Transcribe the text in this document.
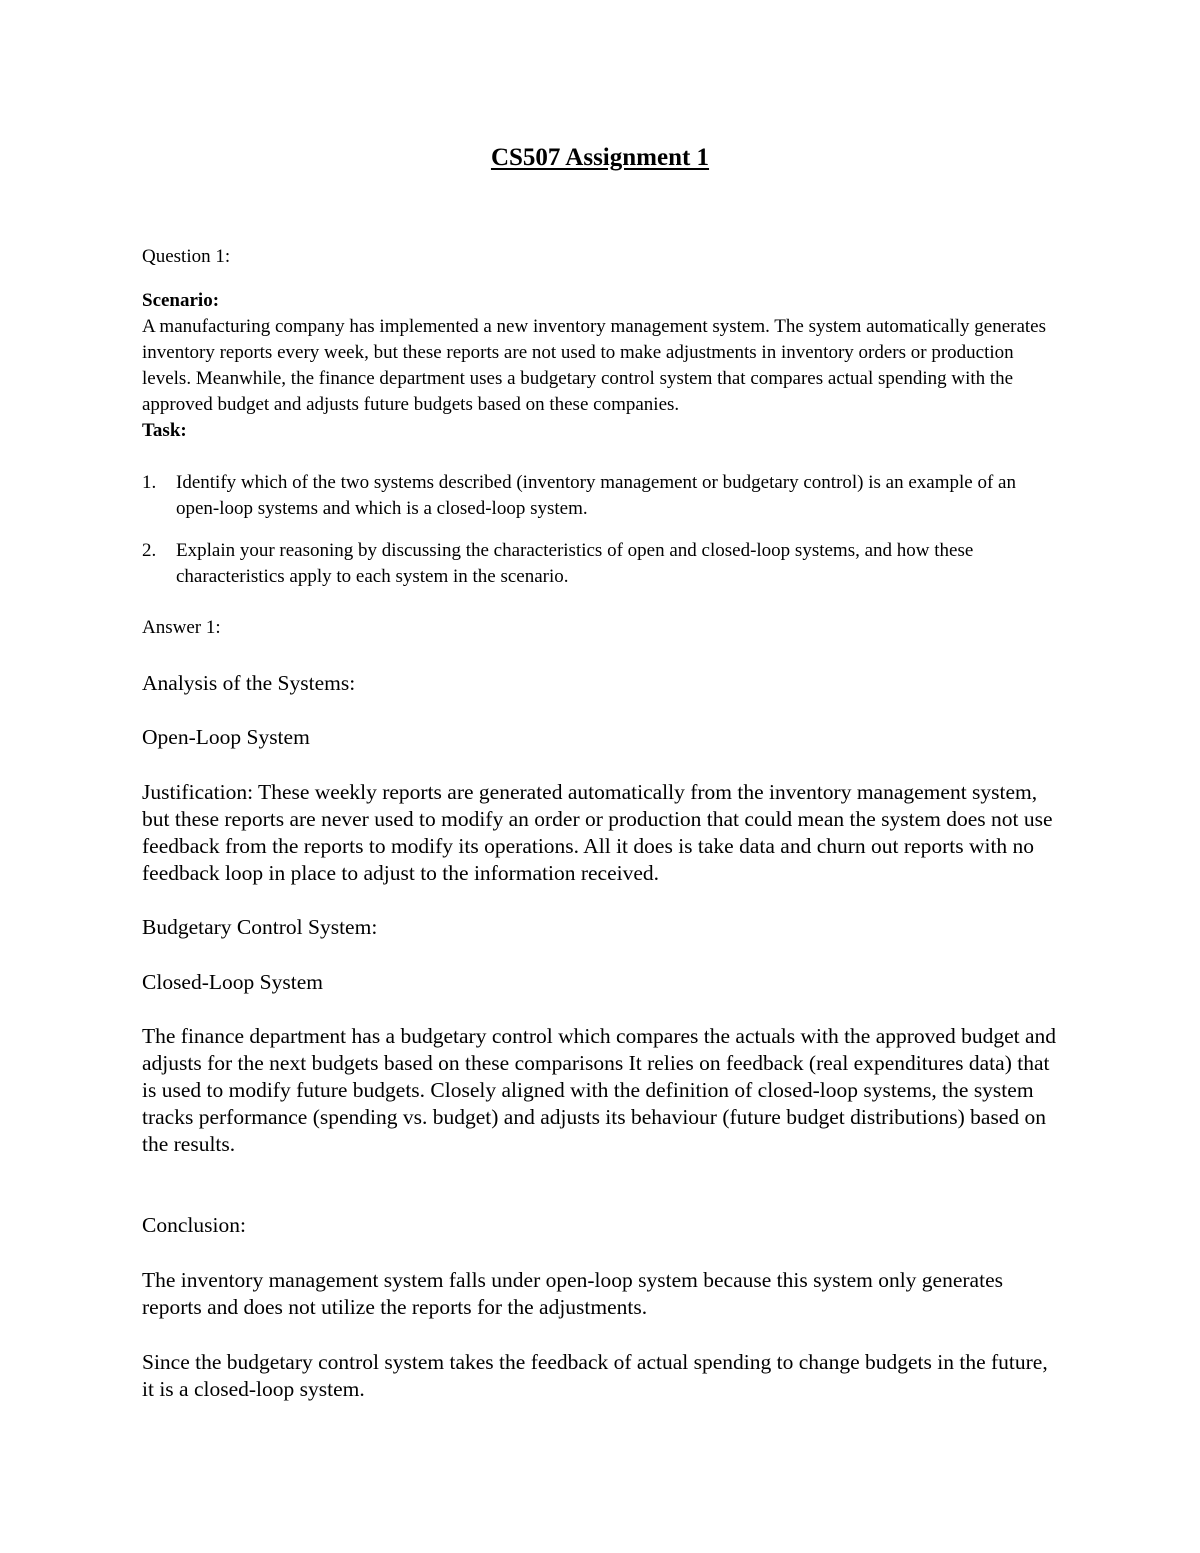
CS507 Assignment 1
Question 1:
Scenario:
A manufacturing company has implemented a new inventory management system. The system automatically generates inventory reports every week, but these reports are not used to make adjustments in inventory orders or production levels. Meanwhile, the finance department uses a budgetary control system that compares actual spending with the approved budget and adjusts future budgets based on these companies.
Task:
1. Identify which of the two systems described (inventory management or budgetary control) is an example of an open-loop systems and which is a closed-loop system.
2. Explain your reasoning by discussing the characteristics of open and closed-loop systems, and how these characteristics apply to each system in the scenario.
Answer 1:

Analysis of the Systems:

Open-Loop System

Justification: These weekly reports are generated automatically from the inventory management system, but these reports are never used to modify an order or production that could mean the system does not use feedback from the reports to modify its operations. All it does is take data and churn out reports with no feedback loop in place to adjust to the information received.

Budgetary Control System:

Closed-Loop System

The finance department has a budgetary control which compares the actuals with the approved budget and adjusts for the next budgets based on these comparisons It relies on feedback (real expenditures data) that is used to modify future budgets. Closely aligned with the definition of closed-loop systems, the system tracks performance (spending vs. budget) and adjusts its behaviour (future budget distributions) based on the results.

Conclusion:

The inventory management system falls under open-loop system because this system only generates reports and does not utilize the reports for the adjustments.

Since the budgetary control system takes the feedback of actual spending to change budgets in the future, it is a closed-loop system.
